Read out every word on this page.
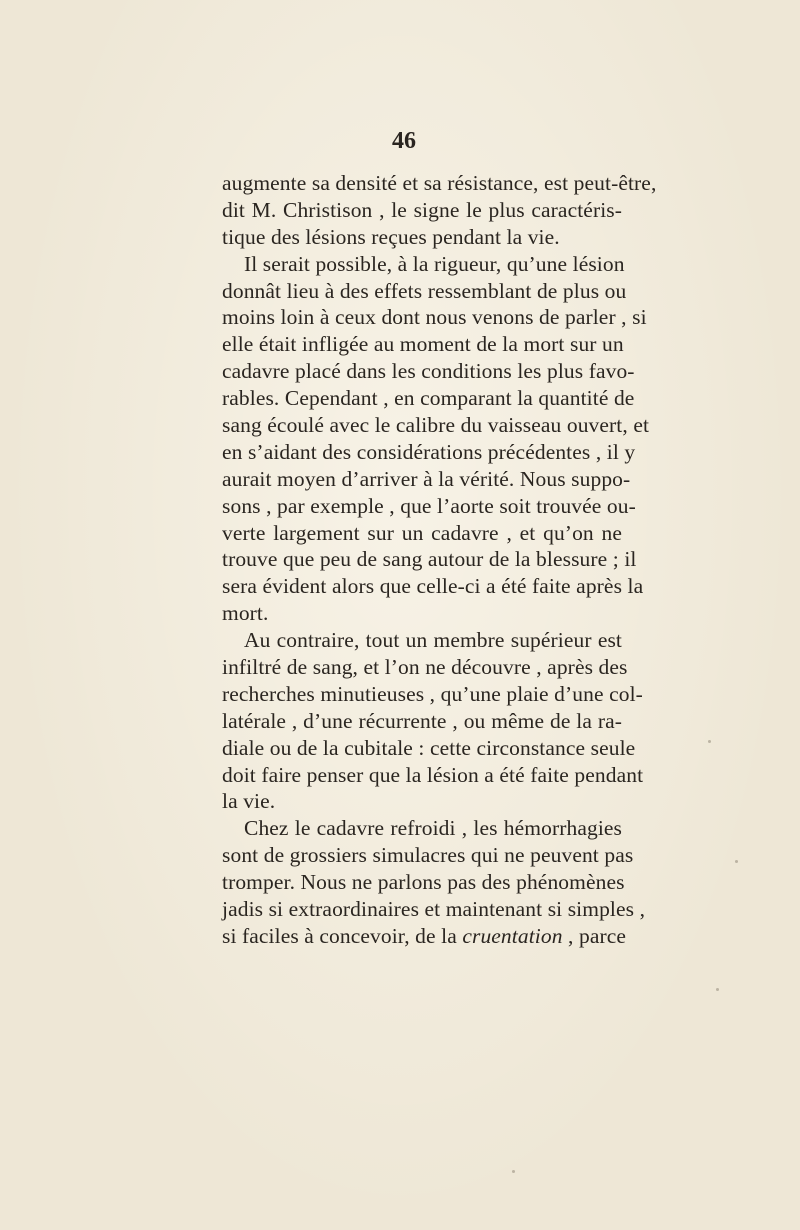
46
augmente sa densité et sa résistance, est peut-être,
dit M. Christison , le signe le plus caractéris-
tique des lésions reçues pendant la vie.
Il serait possible, à la rigueur, qu’une lésion
donnât lieu à des effets ressemblant de plus ou
moins loin à ceux dont nous venons de parler , si
elle était infligée au moment de la mort sur un
cadavre placé dans les conditions les plus favo-
rables. Cependant , en comparant la quantité de
sang écoulé avec le calibre du vaisseau ouvert, et
en s’aidant des considérations précédentes , il y
aurait moyen d’arriver à la vérité. Nous suppo-
sons , par exemple , que l’aorte soit trouvée ou-
verte largement sur un cadavre , et qu’on ne
trouve que peu de sang autour de la blessure ; il
sera évident alors que celle-ci a été faite après la
mort.
Au contraire, tout un membre supérieur est
infiltré de sang, et l’on ne découvre , après des
recherches minutieuses , qu’une plaie d’une col-
latérale , d’une récurrente , ou même de la ra-
diale ou de la cubitale : cette circonstance seule
doit faire penser que la lésion a été faite pendant
la vie.
Chez le cadavre refroidi , les hémorrhagies
sont de grossiers simulacres qui ne peuvent pas
tromper. Nous ne parlons pas des phénomènes
jadis si extraordinaires et maintenant si simples ,
si faciles à concevoir, de la cruentation , parce
